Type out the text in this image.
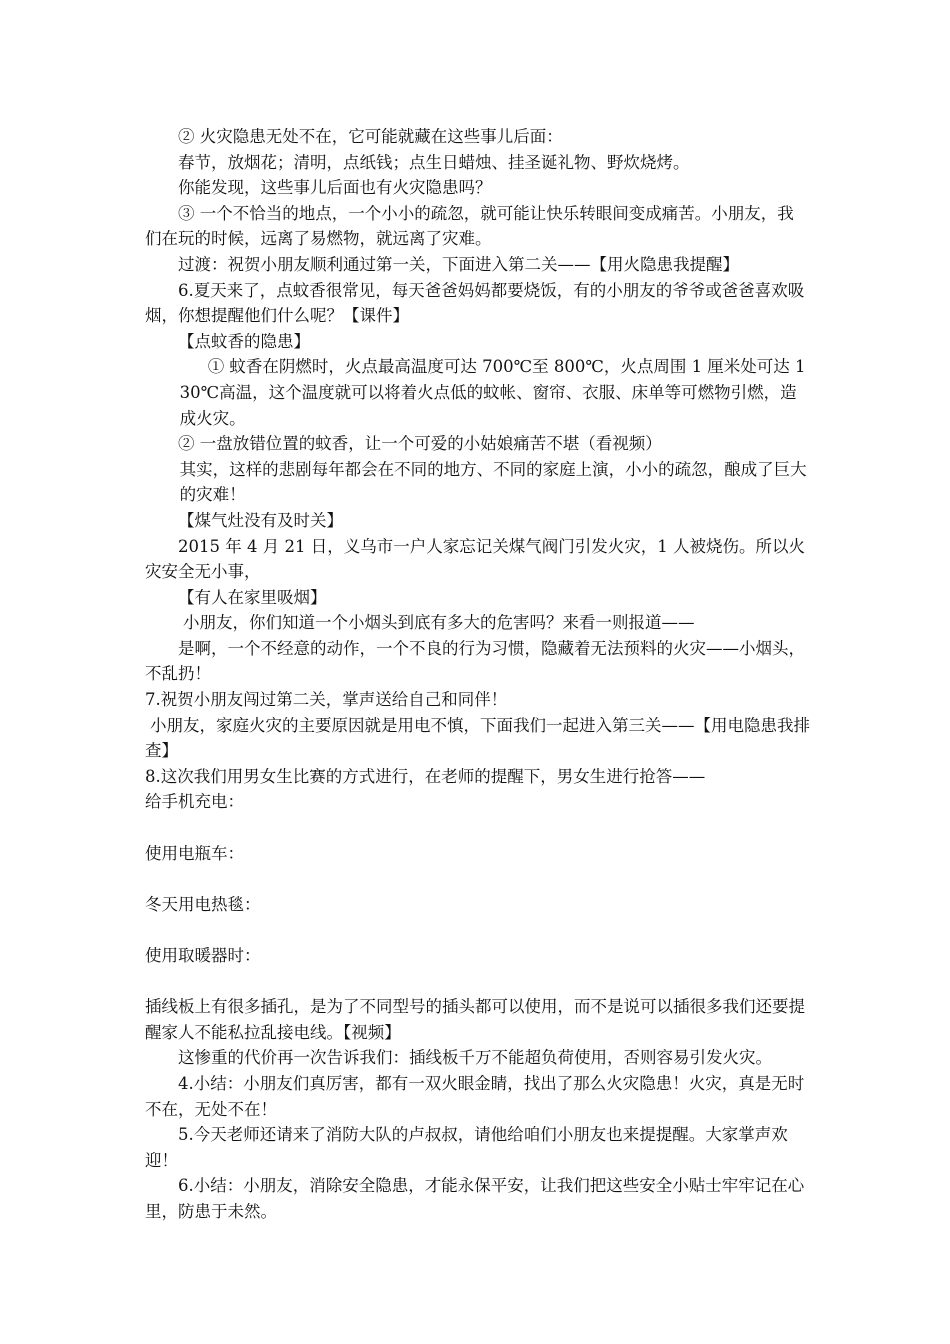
② 火灾隐患无处不在，它可能就藏在这些事儿后面：

春节，放烟花；清明，点纸钱；点生日蜡烛、挂圣诞礼物、野炊烧烤。

你能发现，这些事儿后面也有火灾隐患吗？

③ 一个不恰当的地点，一个小小的疏忽，就可能让快乐转眼间变成痛苦。小朋友，我们在玩的时候，远离了易燃物，就远离了灾难。

过渡：祝贺小朋友顺利通过第一关，下面进入第二关——【用火隐患我提醒】

6.夏天来了，点蚊香很常见，每天爸爸妈妈都要烧饭，有的小朋友的爷爷或爸爸喜欢吸烟，你想提醒他们什么呢？【课件】

【点蚊香的隐患】

① 蚊香在阴燃时，火点最高温度可达 700℃至 800℃，火点周围 1 厘米处可达 130℃高温，这个温度就可以将着火点低的蚊帐、窗帘、衣服、床单等可燃物引燃，造成火灾。

② 一盘放错位置的蚊香，让一个可爱的小姑娘痛苦不堪（看视频）

其实，这样的悲剧每年都会在不同的地方、不同的家庭上演，小小的疏忽，酿成了巨大的灾难！

【煤气灶没有及时关】

2015 年 4 月 21 日，义乌市一户人家忘记关煤气阀门引发火灾，1 人被烧伤。所以火灾安全无小事，

【有人在家里吸烟】

小朋友，你们知道一个小烟头到底有多大的危害吗？来看一则报道——

是啊，一个不经意的动作，一个不良的行为习惯，隐藏着无法预料的火灾——小烟头，不乱扔！

7.祝贺小朋友闯过第二关，掌声送给自己和同伴！

小朋友，家庭火灾的主要原因就是用电不慎，下面我们一起进入第三关——【用电隐患我排查】

8.这次我们用男女生比赛的方式进行，在老师的提醒下，男女生进行抢答——

给手机充电：

使用电瓶车：

冬天用电热毯：

使用取暖器时：

插线板上有很多插孔，是为了不同型号的插头都可以使用，而不是说可以插很多我们还要提醒家人不能私拉乱接电线。【视频】

这惨重的代价再一次告诉我们：插线板千万不能超负荷使用，否则容易引发火灾。

4.小结：小朋友们真厉害，都有一双火眼金睛，找出了那么火灾隐患！火灾，真是无时不在，无处不在！

5.今天老师还请来了消防大队的卢叔叔，请他给咱们小朋友也来提提醒。大家掌声欢迎！

6.小结：小朋友，消除安全隐患，才能永保平安，让我们把这些安全小贴士牢牢记在心里，防患于未然。
